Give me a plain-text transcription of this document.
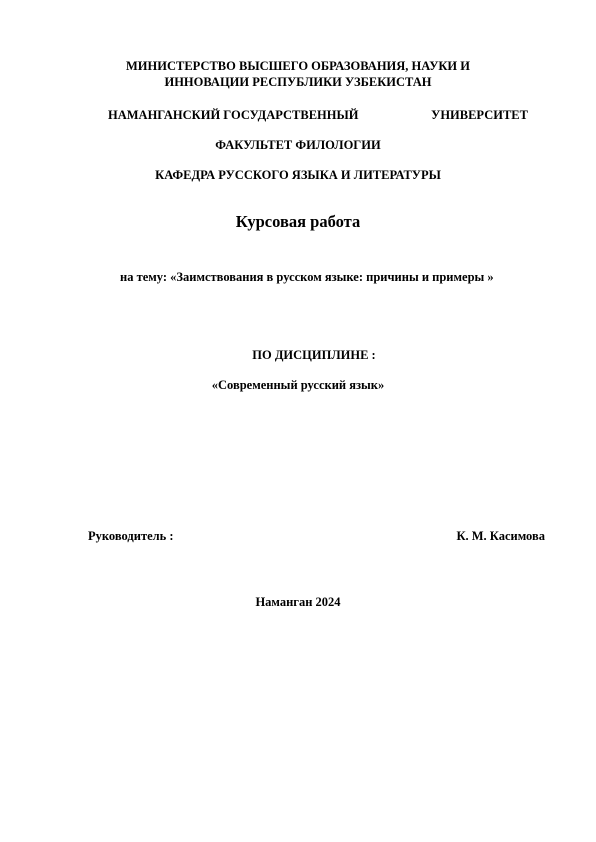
МИНИСТЕРСТВО ВЫСШЕГО ОБРАЗОВАНИЯ, НАУКИ И
ИННОВАЦИИ РЕСПУБЛИКИ УЗБЕКИСТАН
НАМАНГАНСКИЙ ГОСУДАРСТВЕННЫЙ	УНИВЕРСИТЕТ
ФАКУЛЬТЕТ ФИЛОЛОГИИ
КАФЕДРА РУССКОГО ЯЗЫКА И ЛИТЕРАТУРЫ
Курсовая работа
на тему: «Заимствования в русском языке: причины и примеры »
ПО ДИСЦИПЛИНЕ :
«Современный русский язык»
Руководитель :	К. М. Касимова
Наманган 2024
